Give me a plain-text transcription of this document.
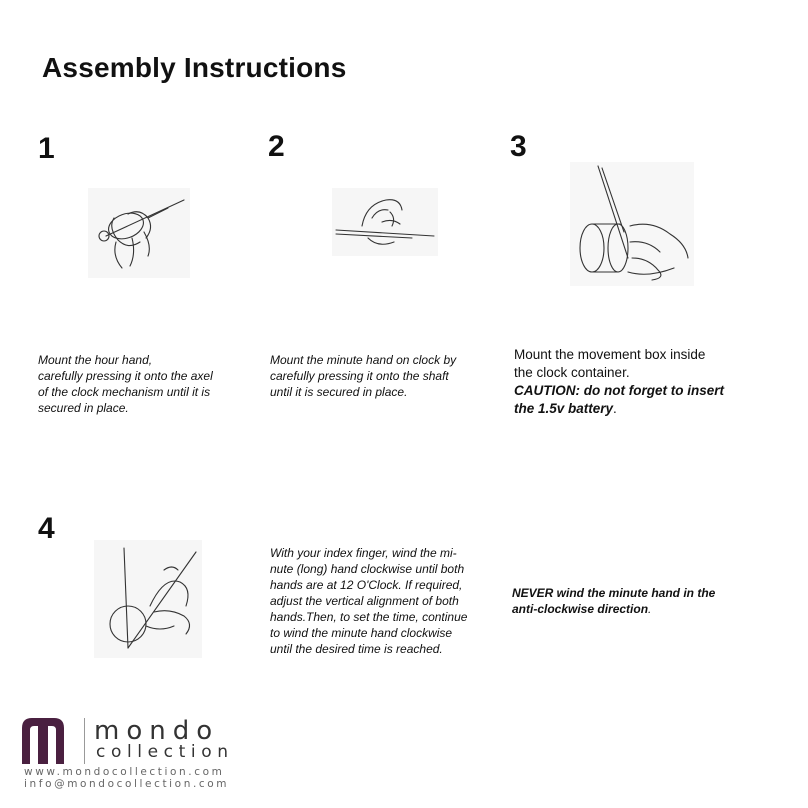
Assembly Instructions
1

Mount the hour hand,
carefully pressing it onto the axel
of the clock mechanism until it is
secured in place.

2

Mount the minute hand on clock by
carefully pressing it onto the shaft
until it is secured in place.

3

Mount the movement box inside
the clock container.

CAUTION: do not forget to insert
the 1.5v battery.

4

With your index finger, wind the mi-
nute (long) hand clockwise until both
hands are at 12 O'Clock. If required,
adjust the vertical alignment of both
hands.Then, to set the time, continue
to wind the minute hand clockwise
until the desired time is reached.

NEVER wind the minute hand in the
anti-clockwise direction.

mondo
collection
www.mondocollection.com
info@mondocollection.com
